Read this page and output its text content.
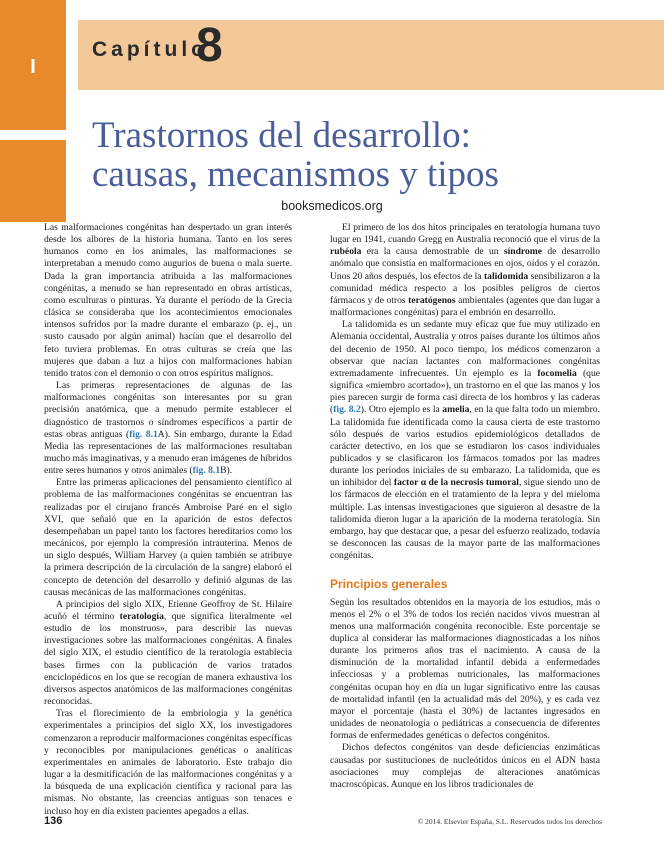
I
Capítulo
8
Trastornos del desarrollo:
causas, mecanismos y tipos
booksmedicos.org

Las malformaciones congénitas han despertado un gran interés desde los albores de la historia humana. Tanto en los seres humanos como en los animales, las malformaciones se interpretaban a menudo como augurios de buena o mala suerte. Dada la gran importancia atribuida a las malformaciones congénitas, a menudo se han representado en obras artísticas, como esculturas o pinturas. Ya durante el período de la Grecia clásica se consideraba que los acontecimientos emocionales intensos sufridos por la madre durante el embarazo (p. ej., un susto causado por algún animal) hacían que el desarrollo del feto tuviera problemas. En otras culturas se creía que las mujeres que daban a luz a hijos con malformaciones habían tenido tratos con el demonio o con otros espíritus malignos.

Las primeras representaciones de algunas de las malformaciones congénitas son interesantes por su gran precisión anatómica, que a menudo permite establecer el diagnóstico de trastornos o síndromes específicos a partir de estas obras antiguas (fig. 8.1A). Sin embargo, durante la Edad Media las representaciones de las malformaciones resultaban mucho más imaginativas, y a menudo eran imágenes de híbridos entre seres humanos y otros animales (fig. 8.1B).

Entre las primeras aplicaciones del pensamiento científico al problema de las malformaciones congénitas se encuentran las realizadas por el cirujano francés Ambroise Paré en el siglo XVI, que señaló que en la aparición de estos defectos desempeñaban un papel tanto los factores hereditarios como los mecánicos, por ejemplo la compresión intrauterina. Menos de un siglo después, William Harvey (a quien también se atribuye la primera descripción de la circulación de la sangre) elaboró el concepto de detención del desarrollo y definió algunas de las causas mecánicas de las malformaciones congénitas.

A principios del siglo XIX, Etienne Geoffroy de St. Hilaire acuñó el término teratología, que significa literalmente «el estudio de los monstruos», para describir las nuevas investigaciones sobre las malformaciones congénitas. A finales del siglo XIX, el estudio científico de la teratología estableciа bases firmes con la publicación de varios tratados enciclopédicos en los que se recogían de manera exhaustiva los diversos aspectos anatómicos de las malformaciones congénitas reconocidas.

Tras el florecimiento de la embriología y la genética experimentales a principios del siglo XX, los investigadores comenzaron a reproducir malformaciones congénitas específicas y reconocibles por manipulaciones genéticas o analíticas experimentales en animales de laboratorio. Este trabajo dio lugar a la desmitificación de las malformaciones congénitas y a la búsqueda de una explicación científica y racional para las mismas. No obstante, las creencias antiguas son tenaces e incluso hoy en día existen pacientes apegados a ellas.

El primero de los dos hitos principales en teratología humana tuvo lugar en 1941, cuando Gregg en Australia reconoció que el virus de la rubéola era la causa demostrable de un síndrome de desarrollo anómalo que consistía en malformaciones en ojos, oídos y el corazón. Unos 20 años después, los efectos de la talidomida sensibilizaron a la comunidad médica respecto a los posibles peligros de ciertos fármacos y de otros teratógenos ambientales (agentes que dan lugar a malformaciones congénitas) para el embrión en desarrollo.

La talidomida es un sedante muy eficaz que fue muy utilizado en Alemania occidental, Australia y otros países durante los últimos años del decenio de 1950. Al poco tiempo, los médicos comenzaron a observar que nacían lactantes con malformaciones congénitas extremadamente infrecuentes. Un ejemplo es la focomelia (que significa «miembro acortado»), un trastorno en el que las manos y los pies parecen surgir de forma casi directa de los hombros y las caderas (fig. 8.2). Otro ejemplo es la amelia, en la que falta todo un miembro. La talidomida fue identificada como la causa cierta de este trastorno sólo después de varios estudios epidemiológicos detallados de carácter detectivo, en los que se estudiaron los casos individuales publicados y se clasificaron los fármacos tomados por las madres durante los períodos iniciales de su embarazo. La talidomida, que es un inhibidor del factor α de la necrosis tumoral, sigue siendo uno de los fármacos de elección en el tratamiento de la lepra y del mieloma múltiple. Las intensas investigaciones que siguieron al desastre de la talidomida dieron lugar a la aparición de la moderna teratología. Sin embargo, hay que destacar que, a pesar del esfuerzo realizado, todavía se desconocen las causas de la mayor parte de las malformaciones congénitas.

Principios generales

Según los resultados obtenidos en la mayoría de los estudios, más o menos el 2% o el 3% de todos los recién nacidos vivos muestran al menos una malformación congénita reconocible. Este porcentaje se duplica al considerar las malformaciones diagnosticadas a los niños durante los primeros años tras el nacimiento. A causa de la disminución de la mortalidad infantil debida a enfermedades infecciosas y a problemas nutricionales, las malformaciones congénitas ocupan hoy en día un lugar significativo entre las causas de mortalidad infantil (en la actualidad más del 20%), y es cada vez mayor el porcentaje (hasta el 30%) de lactantes ingresados en unidades de neonatología o pediátricas a consecuencia de diferentes formas de enfermedades genéticas o defectos congénitos.

Dichos defectos congénitos van desde deficiencias enzimáticas causadas por sustituciones de nucleótidos únicos en el ADN hasta asociaciones muy complejas de alteraciones anatómicas macroscópicas. Aunque en los libros tradicionales de

136	© 2014. Elsevier España, S.L. Reservados todos los derechos
